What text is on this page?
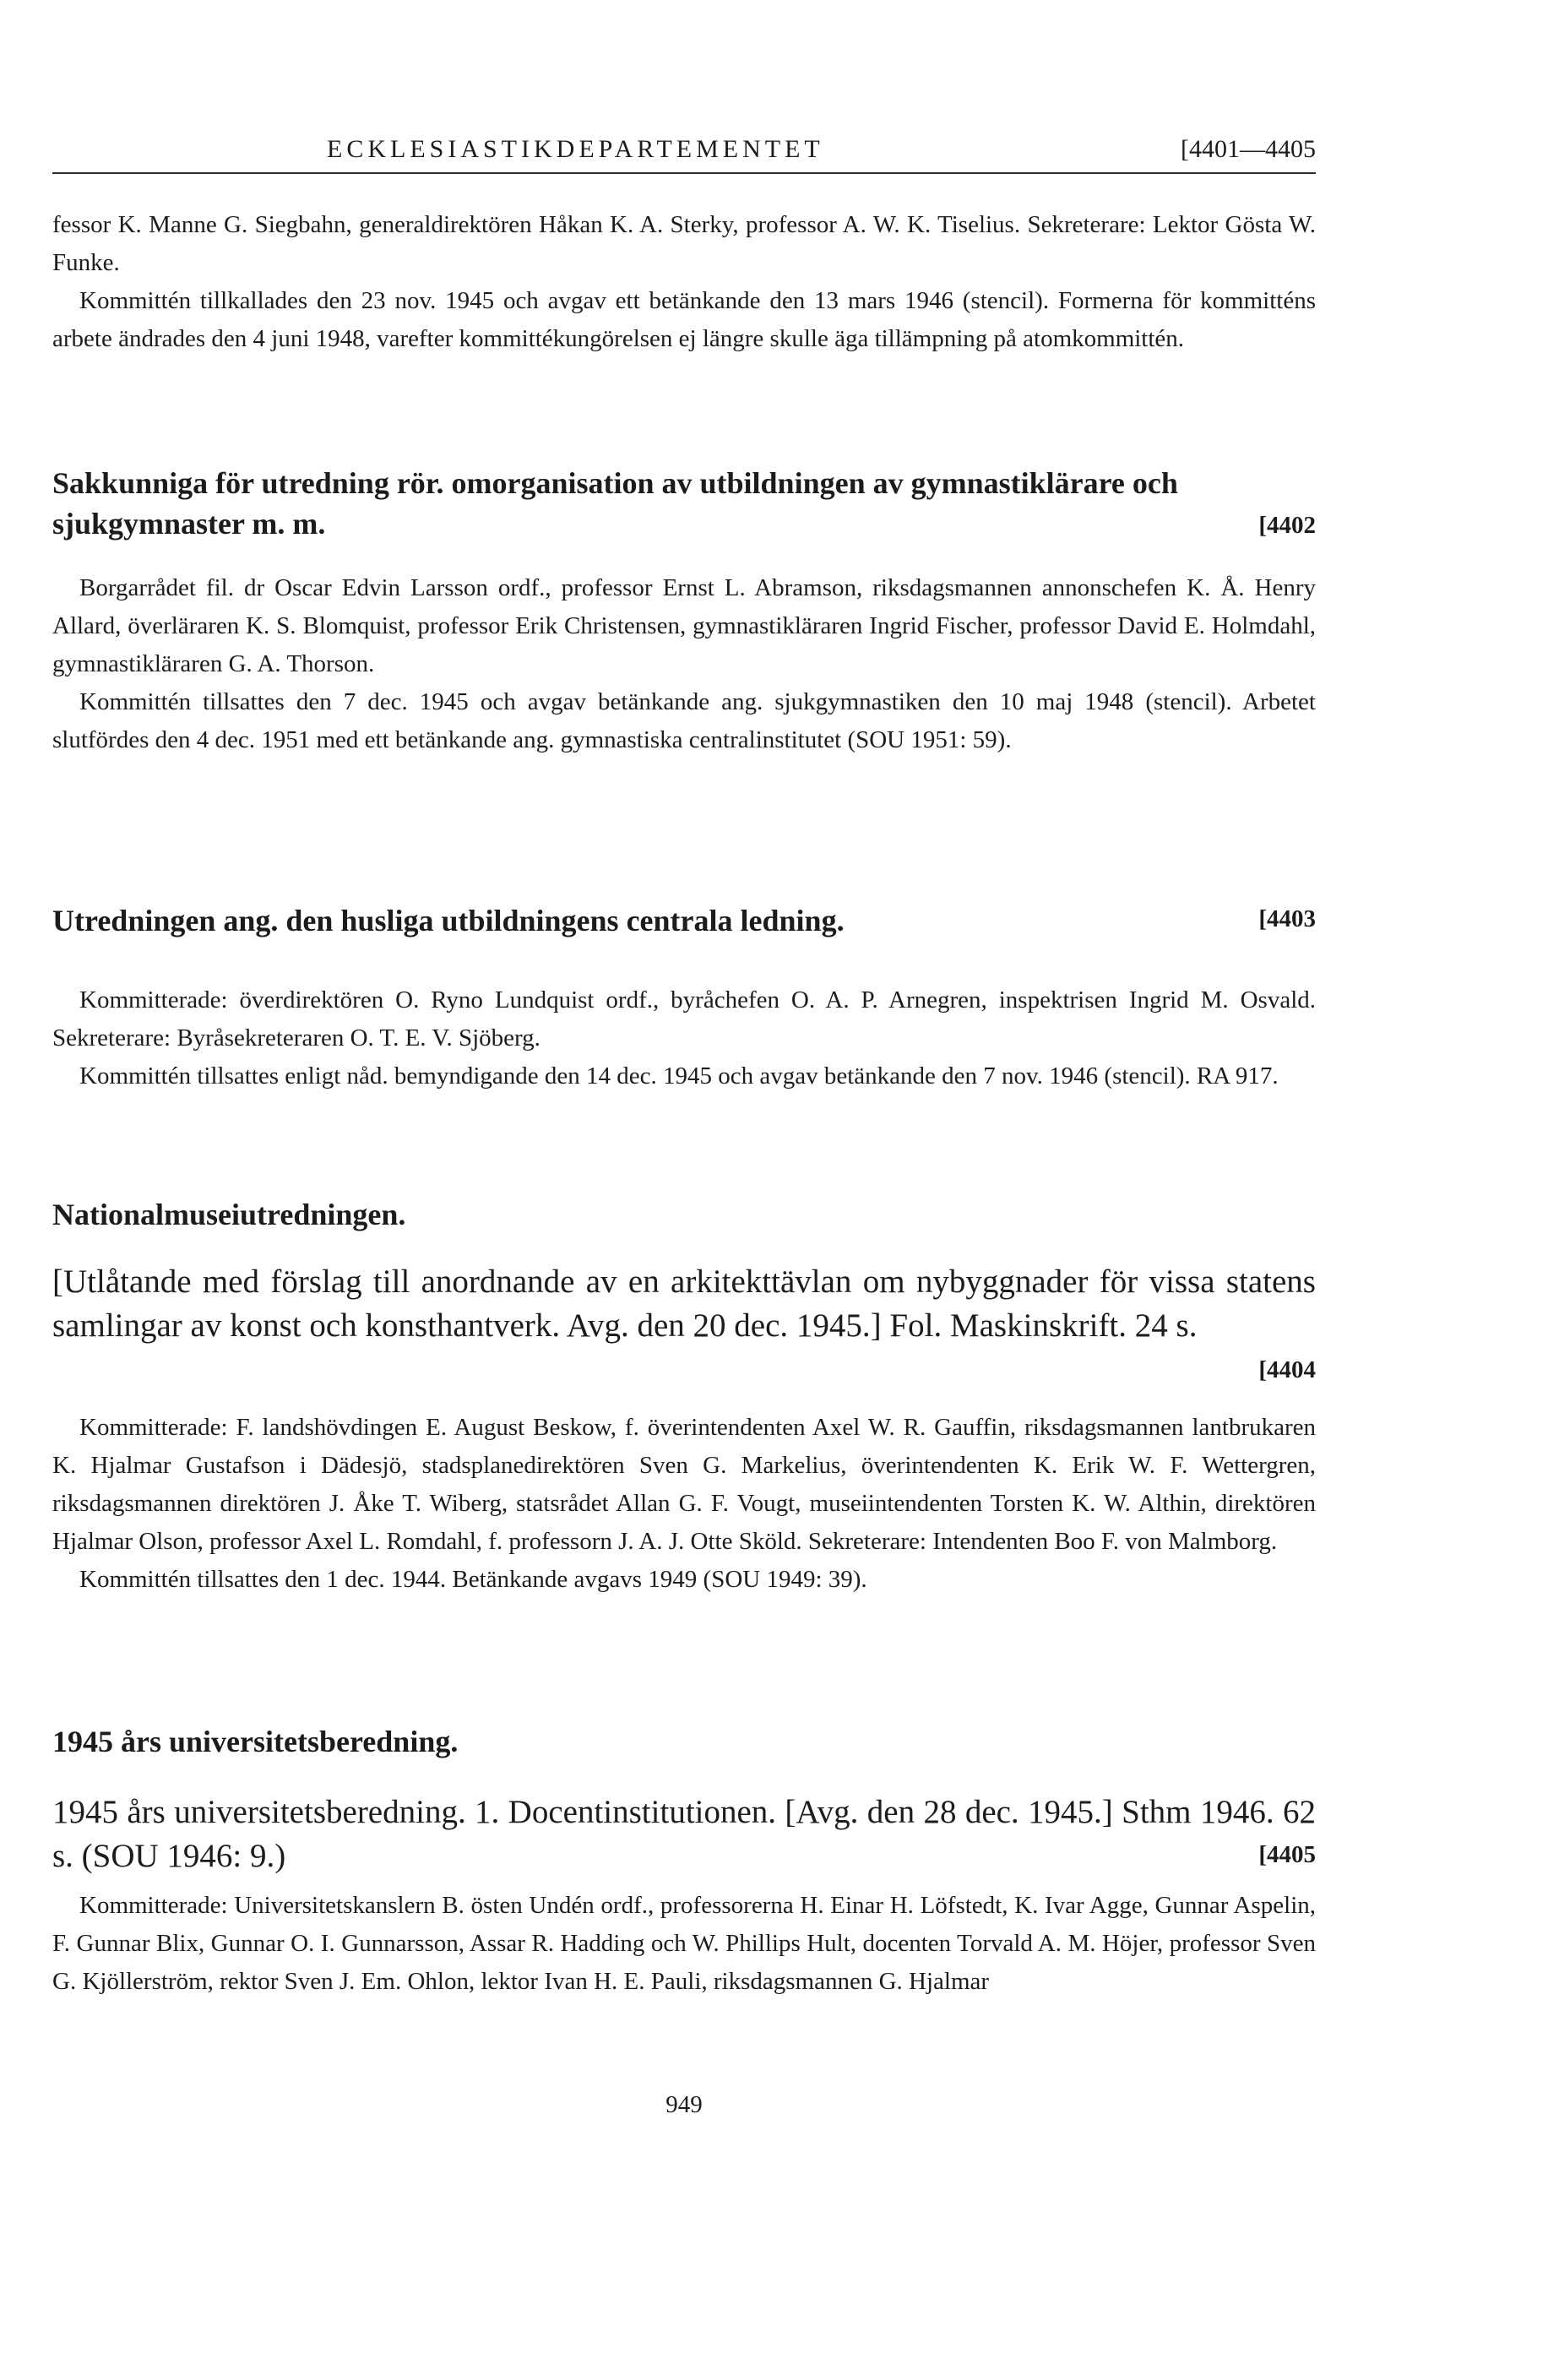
ECKLESIASTIKDEPARTEMENTET	[4401—4405

fessor K. Manne G. Siegbahn, generaldirektören Håkan K. A. Sterky, professor A. W. K. Tiselius. Sekreterare: Lektor Gösta W. Funke.

Kommittén tillkallades den 23 nov. 1945 och avgav ett betänkande den 13 mars 1946 (stencil). Formerna för kommitténs arbete ändrades den 4 juni 1948, varefter kommittékungörelsen ej längre skulle äga tillämpning på atomkommittén.

Sakkunniga för utredning rör. omorganisation av utbildningen av gymnastiklärare och sjukgymnaster m. m.	[4402

Borgarrådet fil. dr Oscar Edvin Larsson ordf., professor Ernst L. Abramson, riksdagsmannen annonschefen K. Å. Henry Allard, överläraren K. S. Blomquist, professor Erik Christensen, gymnastikläraren Ingrid Fischer, professor David E. Holmdahl, gymnastikläraren G. A. Thorson.

Kommittén tillsattes den 7 dec. 1945 och avgav betänkande ang. sjukgymnastiken den 10 maj 1948 (stencil). Arbetet slutfördes den 4 dec. 1951 med ett betänkande ang. gymnastiska centralinstitutet (SOU 1951: 59).

Utredningen ang. den husliga utbildningens centrala ledning.	[4403

Kommitterade: överdirektören O. Ryno Lundquist ordf., byråchefen O. A. P. Arnegren, inspektrisen Ingrid M. Osvald. Sekreterare: Byråsekreteraren O. T. E. V. Sjöberg.

Kommittén tillsattes enligt nåd. bemyndigande den 14 dec. 1945 och avgav betänkande den 7 nov. 1946 (stencil). RA 917.

Nationalmuseiutredningen.

[Utlåtande med förslag till anordnande av en arkitekttävlan om nybyggnader för vissa statens samlingar av konst och konsthantverk. Avg. den 20 dec. 1945.] Fol. Maskinskrift. 24 s.

[4404

Kommitterade: F. landshövdingen E. August Beskow, f. överintendenten Axel W. R. Gauffin, riksdagsmannen lantbrukaren K. Hjalmar Gustafson i Dädesjö, stadsplanedirektören Sven G. Markelius, överintendenten K. Erik W. F. Wettergren, riksdagsmannen direktören J. Åke T. Wiberg, statsrådet Allan G. F. Vougt, museiintendenten Torsten K. W. Althin, direktören Hjalmar Olson, professor Axel L. Romdahl, f. professorn J. A. J. Otte Sköld. Sekreterare: Intendenten Boo F. von Malmborg.

Kommittén tillsattes den 1 dec. 1944. Betänkande avgavs 1949 (SOU 1949: 39).

1945 års universitetsberedning.

1945 års universitetsberedning. 1. Docentinstitutionen. [Avg. den 28 dec. 1945.] Sthm 1946. 62 s. (SOU 1946: 9.)	[4405

Kommitterade: Universitetskanslern B. östen Undén ordf., professorerna H. Einar H. Löfstedt, K. Ivar Agge, Gunnar Aspelin, F. Gunnar Blix, Gunnar O. I. Gunnarsson, Assar R. Hadding och W. Phillips Hult, docenten Torvald A. M. Höjer, professor Sven G. Kjöllerström, rektor Sven J. Em. Ohlon, lektor Ivan H. E. Pauli, riksdagsmannen G. Hjalmar

949
